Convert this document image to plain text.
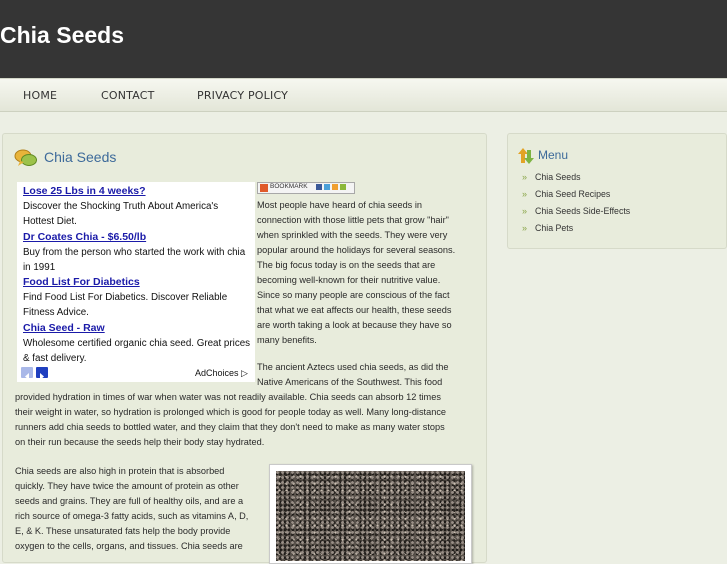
Chia Seeds
HOME	CONTACT	PRIVACY POLICY
Chia Seeds
Lose 25 Lbs in 4 weeks?
Discover the Shocking Truth About America's Hottest Diet.
Dr Coates Chia - $6.50/lb
Buy from the person who started the work with chia in 1991
Food List For Diabetics
Find Food List For Diabetics. Discover Reliable Fitness Advice.
Chia Seed - Raw
Wholesome certified organic chia seed. Great prices & fast delivery.
AdChoices ▷
BOOKMARK
Most people have heard of chia seeds in
connection with those little pets that grow "hair"
when sprinkled with the seeds. They were very
popular around the holidays for several seasons.
The big focus today is on the seeds that are
becoming well-known for their nutritive value.
Since so many people are conscious of the fact
that what we eat affects our health, these seeds
are worth taking a look at because they have so
many benefits.
The ancient Aztecs used chia seeds, as did the
Native Americans of the Southwest. This food
provided hydration in times of war when water was not readily available. Chia seeds can absorb 12 times
their weight in water, so hydration is prolonged which is good for people today as well. Many long-distance
runners add chia seeds to bottled water, and they claim that they don't need to make as many water stops
on their run because the seeds help their body stay hydrated.
Chia seeds are also high in protein that is absorbed
quickly. They have twice the amount of protein as other
seeds and grains. They are full of healthy oils, and are a
rich source of omega-3 fatty acids, such as vitamins A, D,
E, & K. These unsaturated fats help the body provide
oxygen to the cells, organs, and tissues. Chia seeds are
Menu
» Chia Seeds
» Chia Seed Recipes
» Chia Seeds Side-Effects
» Chia Pets
